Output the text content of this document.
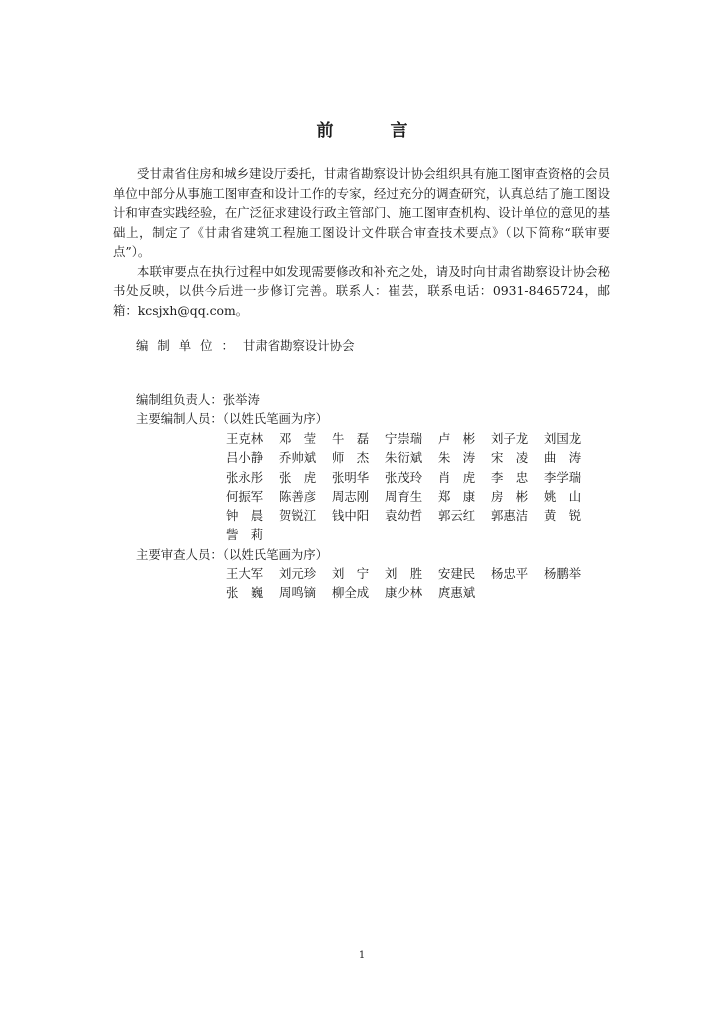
前　言

受甘肃省住房和城乡建设厅委托，甘肃省勘察设计协会组织具有施工图审查资格的会员单位中部分从事施工图审查和设计工作的专家，经过充分的调查研究，认真总结了施工图设计和审查实践经验，在广泛征求建设行政主管部门、施工图审查机构、设计单位的意见的基础上，制定了《甘肃省建筑工程施工图设计文件联合审查技术要点》（以下简称“联审要点”）。

本联审要点在执行过程中如发现需要修改和补充之处，请及时向甘肃省勘察设计协会秘书处反映，以供今后进一步修订完善。联系人：崔芸，联系电话：0931-8465724，邮箱：kcsjxh@qq.com。

编制单位：甘肃省勘察设计协会
编制组负责人：张举涛
主要编制人员：（以姓氏笔画为序）
王克林	邓　莹	牛　磊	宁崇瑞	卢　彬	刘子龙	刘国龙
吕小静	乔帅斌	师　杰	朱衍斌	朱　涛	宋　凌	曲　涛
张永彤	张　虎	张明华	张茂玲	肖　虎	李　忠	李学瑞
何振军	陈善彦	周志刚	周育生	郑　康	房　彬	姚　山
钟　晨	贺锐江	钱中阳	袁幼哲	郭云红	郭惠洁	黄　锐
訾　莉
主要审查人员：（以姓氏笔画为序）
王大军	刘元珍	刘　宁	刘　胜	安建民	杨忠平	杨鹏举
张　巍	周鸣镝	柳全成	康少林	庹惠斌
1
